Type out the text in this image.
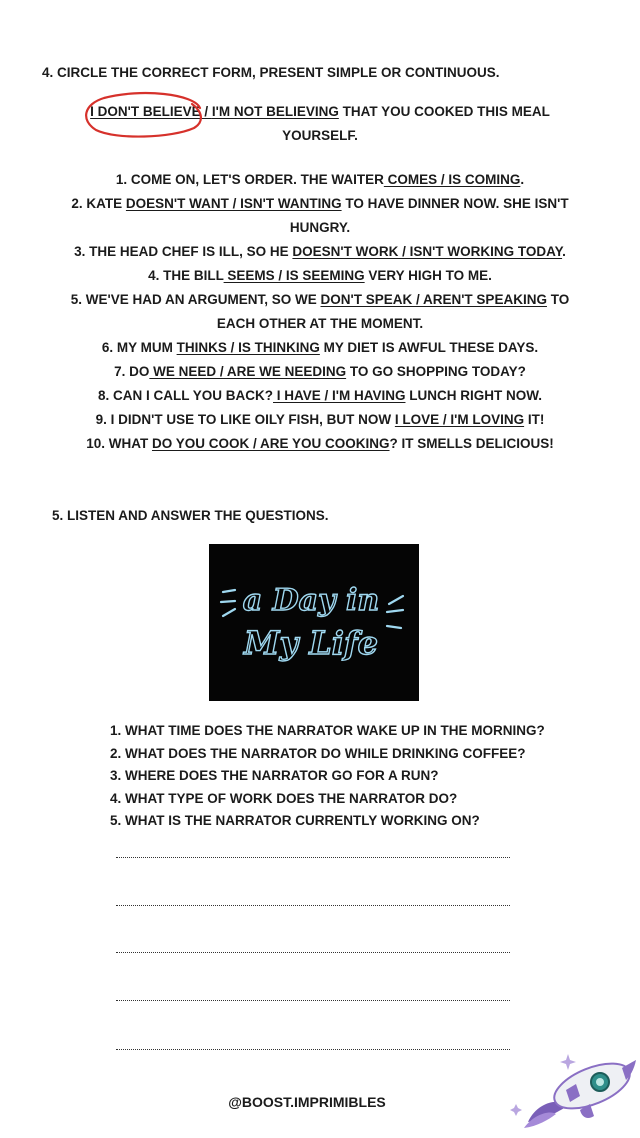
4. CIRCLE THE CORRECT FORM, PRESENT SIMPLE OR CONTINUOUS.
I DON'T BELIEVE / I'M NOT BELIEVING THAT YOU COOKED THIS MEAL
YOURSELF.
1. COME ON, LET'S ORDER. THE WAITER COMES / IS COMING.
2. KATE DOESN'T WANT / ISN'T WANTING TO HAVE DINNER NOW. SHE ISN'T
HUNGRY.
3. THE HEAD CHEF IS ILL, SO HE DOESN'T WORK / ISN'T WORKING TODAY.
4. THE BILL SEEMS / IS SEEMING VERY HIGH TO ME.
5. WE'VE HAD AN ARGUMENT, SO WE DON'T SPEAK / AREN'T SPEAKING TO
EACH OTHER AT THE MOMENT.
6. MY MUM THINKS / IS THINKING MY DIET IS AWFUL THESE DAYS.
7. DO WE NEED / ARE WE NEEDING TO GO SHOPPING TODAY?
8. CAN I CALL YOU BACK? I HAVE / I'M HAVING LUNCH RIGHT NOW.
9. I DIDN'T USE TO LIKE OILY FISH, BUT NOW I LOVE / I'M LOVING IT!
10. WHAT DO YOU COOK / ARE YOU COOKING? IT SMELLS DELICIOUS!
5. LISTEN AND ANSWER THE QUESTIONS.
a Day in
My Life
1. WHAT TIME DOES THE NARRATOR WAKE UP IN THE MORNING?
2. WHAT DOES THE NARRATOR DO WHILE DRINKING COFFEE?
3. WHERE DOES THE NARRATOR GO FOR A RUN?
4. WHAT TYPE OF WORK DOES THE NARRATOR DO?
5. WHAT IS THE NARRATOR CURRENTLY WORKING ON?
@BOOST.IMPRIMIBLES
